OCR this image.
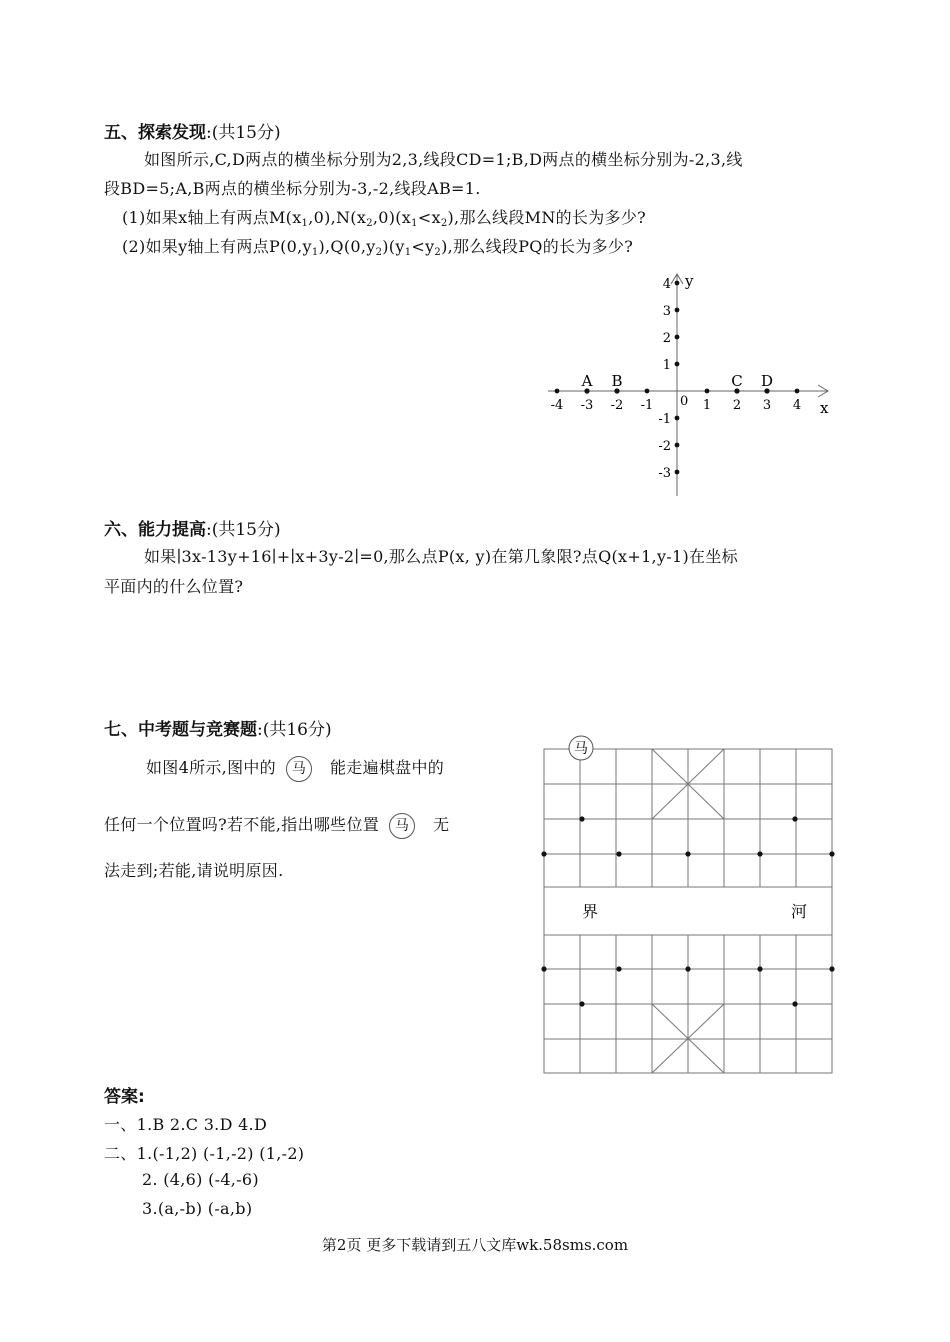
五、探索发现:(共15分)
如图所示,C,D两点的横坐标分别为2,3,线段CD=1;B,D两点的横坐标分别为-2,3,线
段BD=5;A,B两点的横坐标分别为-3,-2,线段AB=1.
(1)如果x轴上有两点$M(x_1,0),N(x_2,0)(x_1<x_2)$,那么线段MN的长为多少?
(2)如果y轴上有两点$P(0,y_1),Q(0,y_2)(y_1<y_2)$,那么线段PQ的长为多少?
x
y
0
-4 -3 -2 -1	1 2 3 4
4
3
2
1
-1
-2
-3
A B	C D
六、能力提高:(共15分)
如果∣3x-13y+16∣+∣x+3y-2∣=0,那么点P(x, y)在第几象限?点Q(x+1,y-1)在坐标
平面内的什么位置?
七、中考题与竞赛题:(共16分)
如图4所示,图中的 马 能走遍棋盘中的
任何一个位置吗?若不能,指出哪些位置 马 无
法走到;若能,请说明原因.
马
界	河
答案:
一、1.B 2.C 3.D 4.D
二、1.(-1,2) (-1,-2) (1,-2)
2. (4,6) (-4,-6)
3.(a,-b) (-a,b)
第2页 更多下载请到五八文库wk.58sms.com
